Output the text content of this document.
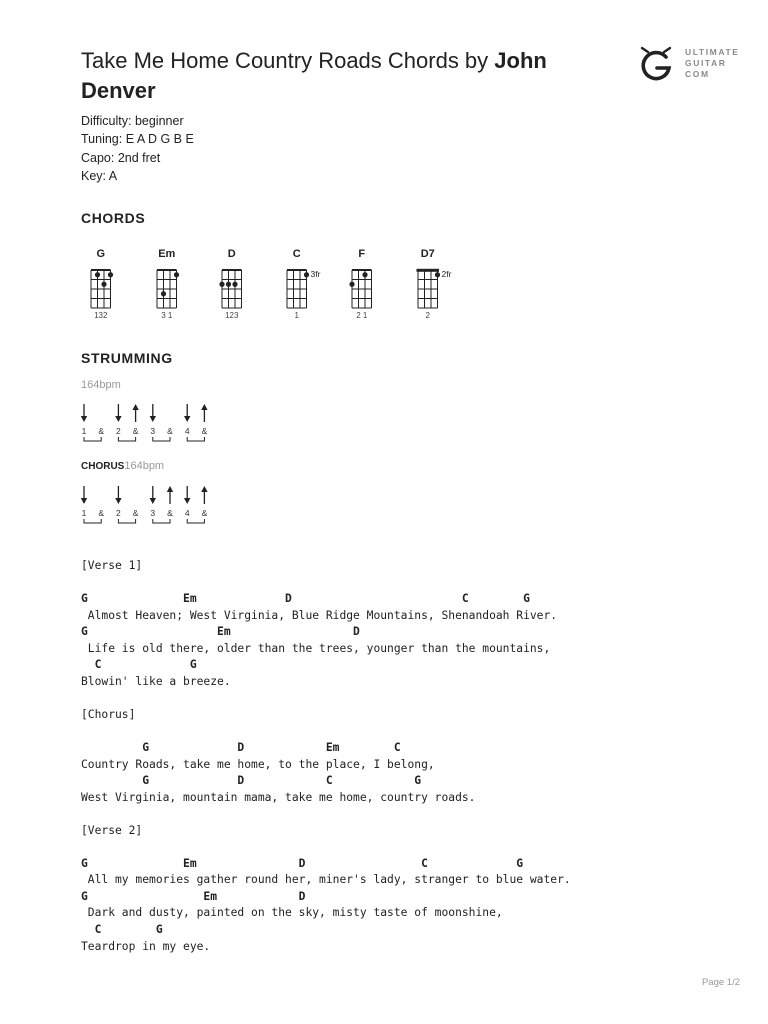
Take Me Home Country Roads Chords by John Denver
ULTIMATE
GUITAR
COM
Difficulty: beginner
Tuning: E A D G B E
Capo: 2nd fret
Key: A
CHORDS
G
132
Em
3 1
D
123
C
3fr
1
F
2 1
D7
2fr
2
STRUMMING
164bpm
1 & 2 & 3 & 4 &
CHORUS164bpm
1 & 2 & 3 & 4 &
[Verse 1]

G              Em             D                         C        G
Almost Heaven; West Virginia, Blue Ridge Mountains, Shenandoah River.
G                   Em                  D
Life is old there, older than the trees, younger than the mountains,
C             G
Blowin' like a breeze.

[Chorus]

G             D            Em        C
Country Roads, take me home, to the place, I belong,
G             D            C            G
West Virginia, mountain mama, take me home, country roads.

[Verse 2]

G              Em               D                 C             G
All my memories gather round her, miner's lady, stranger to blue water.
G                 Em            D
Dark and dusty, painted on the sky, misty taste of moonshine,
C        G
Teardrop in my eye.
Page 1/2
